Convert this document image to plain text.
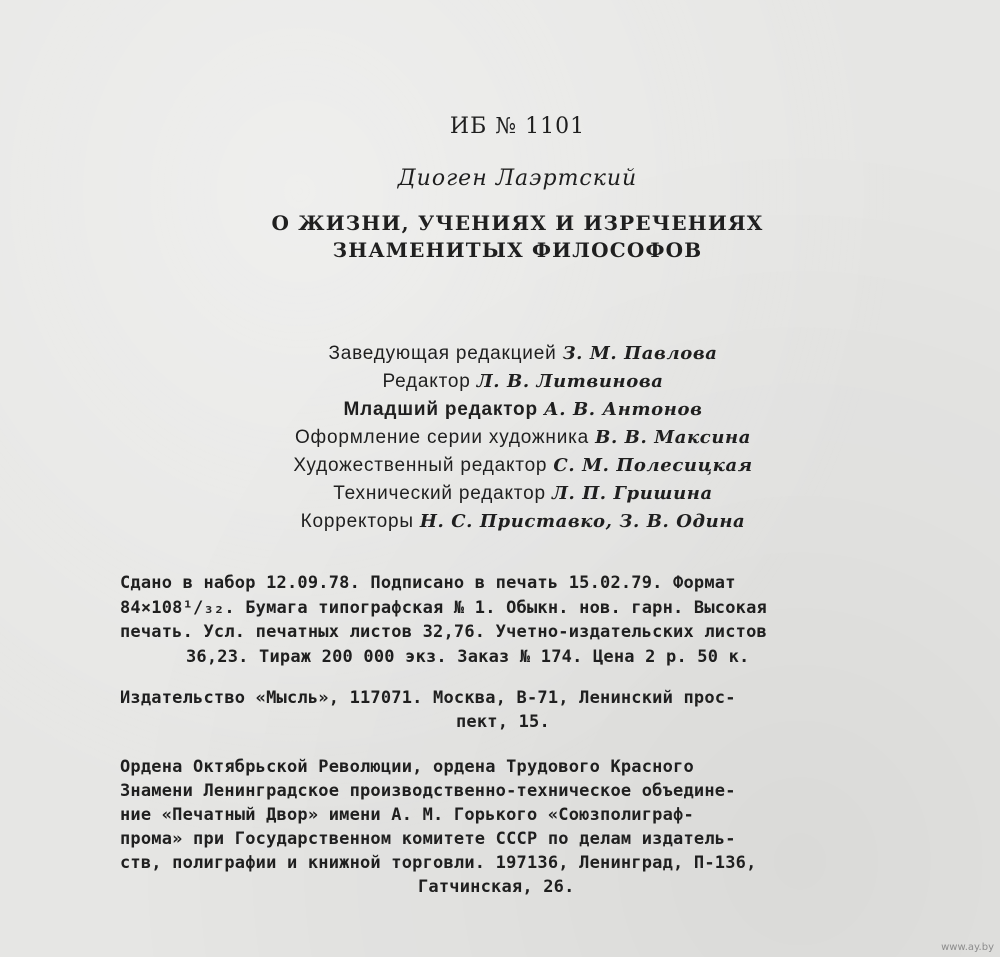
ИБ № 1101
Диоген Лаэртский
О ЖИЗНИ, УЧЕНИЯХ И ИЗРЕЧЕНИЯХ
ЗНАМЕНИТЫХ ФИЛОСОФОВ
Заведующая редакцией З. М. Павлова
Редактор Л. В. Литвинова
Младший редактор А. В. Антонов
Оформление серии художника В. В. Максина
Художественный редактор С. М. Полесицкая
Технический редактор Л. П. Гришина
Корректоры Н. С. Приставко, З. В. Одина
Сдано в набор 12.09.78. Подписано в печать 15.02.79. Формат
84×108¹/₃₂. Бумага типографская № 1. Обыкн. нов. гарн. Высокая
печать. Усл. печатных листов 32,76. Учетно-издательских листов
36,23. Тираж 200 000 экз. Заказ № 174. Цена 2 р. 50 к.
Издательство «Мысль», 117071. Москва, В-71, Ленинский прос-
пект, 15.
Ордена Октябрьской Революции, ордена Трудового Красного
Знамени Ленинградское производственно-техническое объедине-
ние «Печатный Двор» имени А. М. Горького «Союзполиграф-
прома» при Государственном комитете СССР по делам издатель-
ств, полиграфии и книжной торговли. 197136, Ленинград, П-136,
Гатчинская, 26.
www.ay.by
